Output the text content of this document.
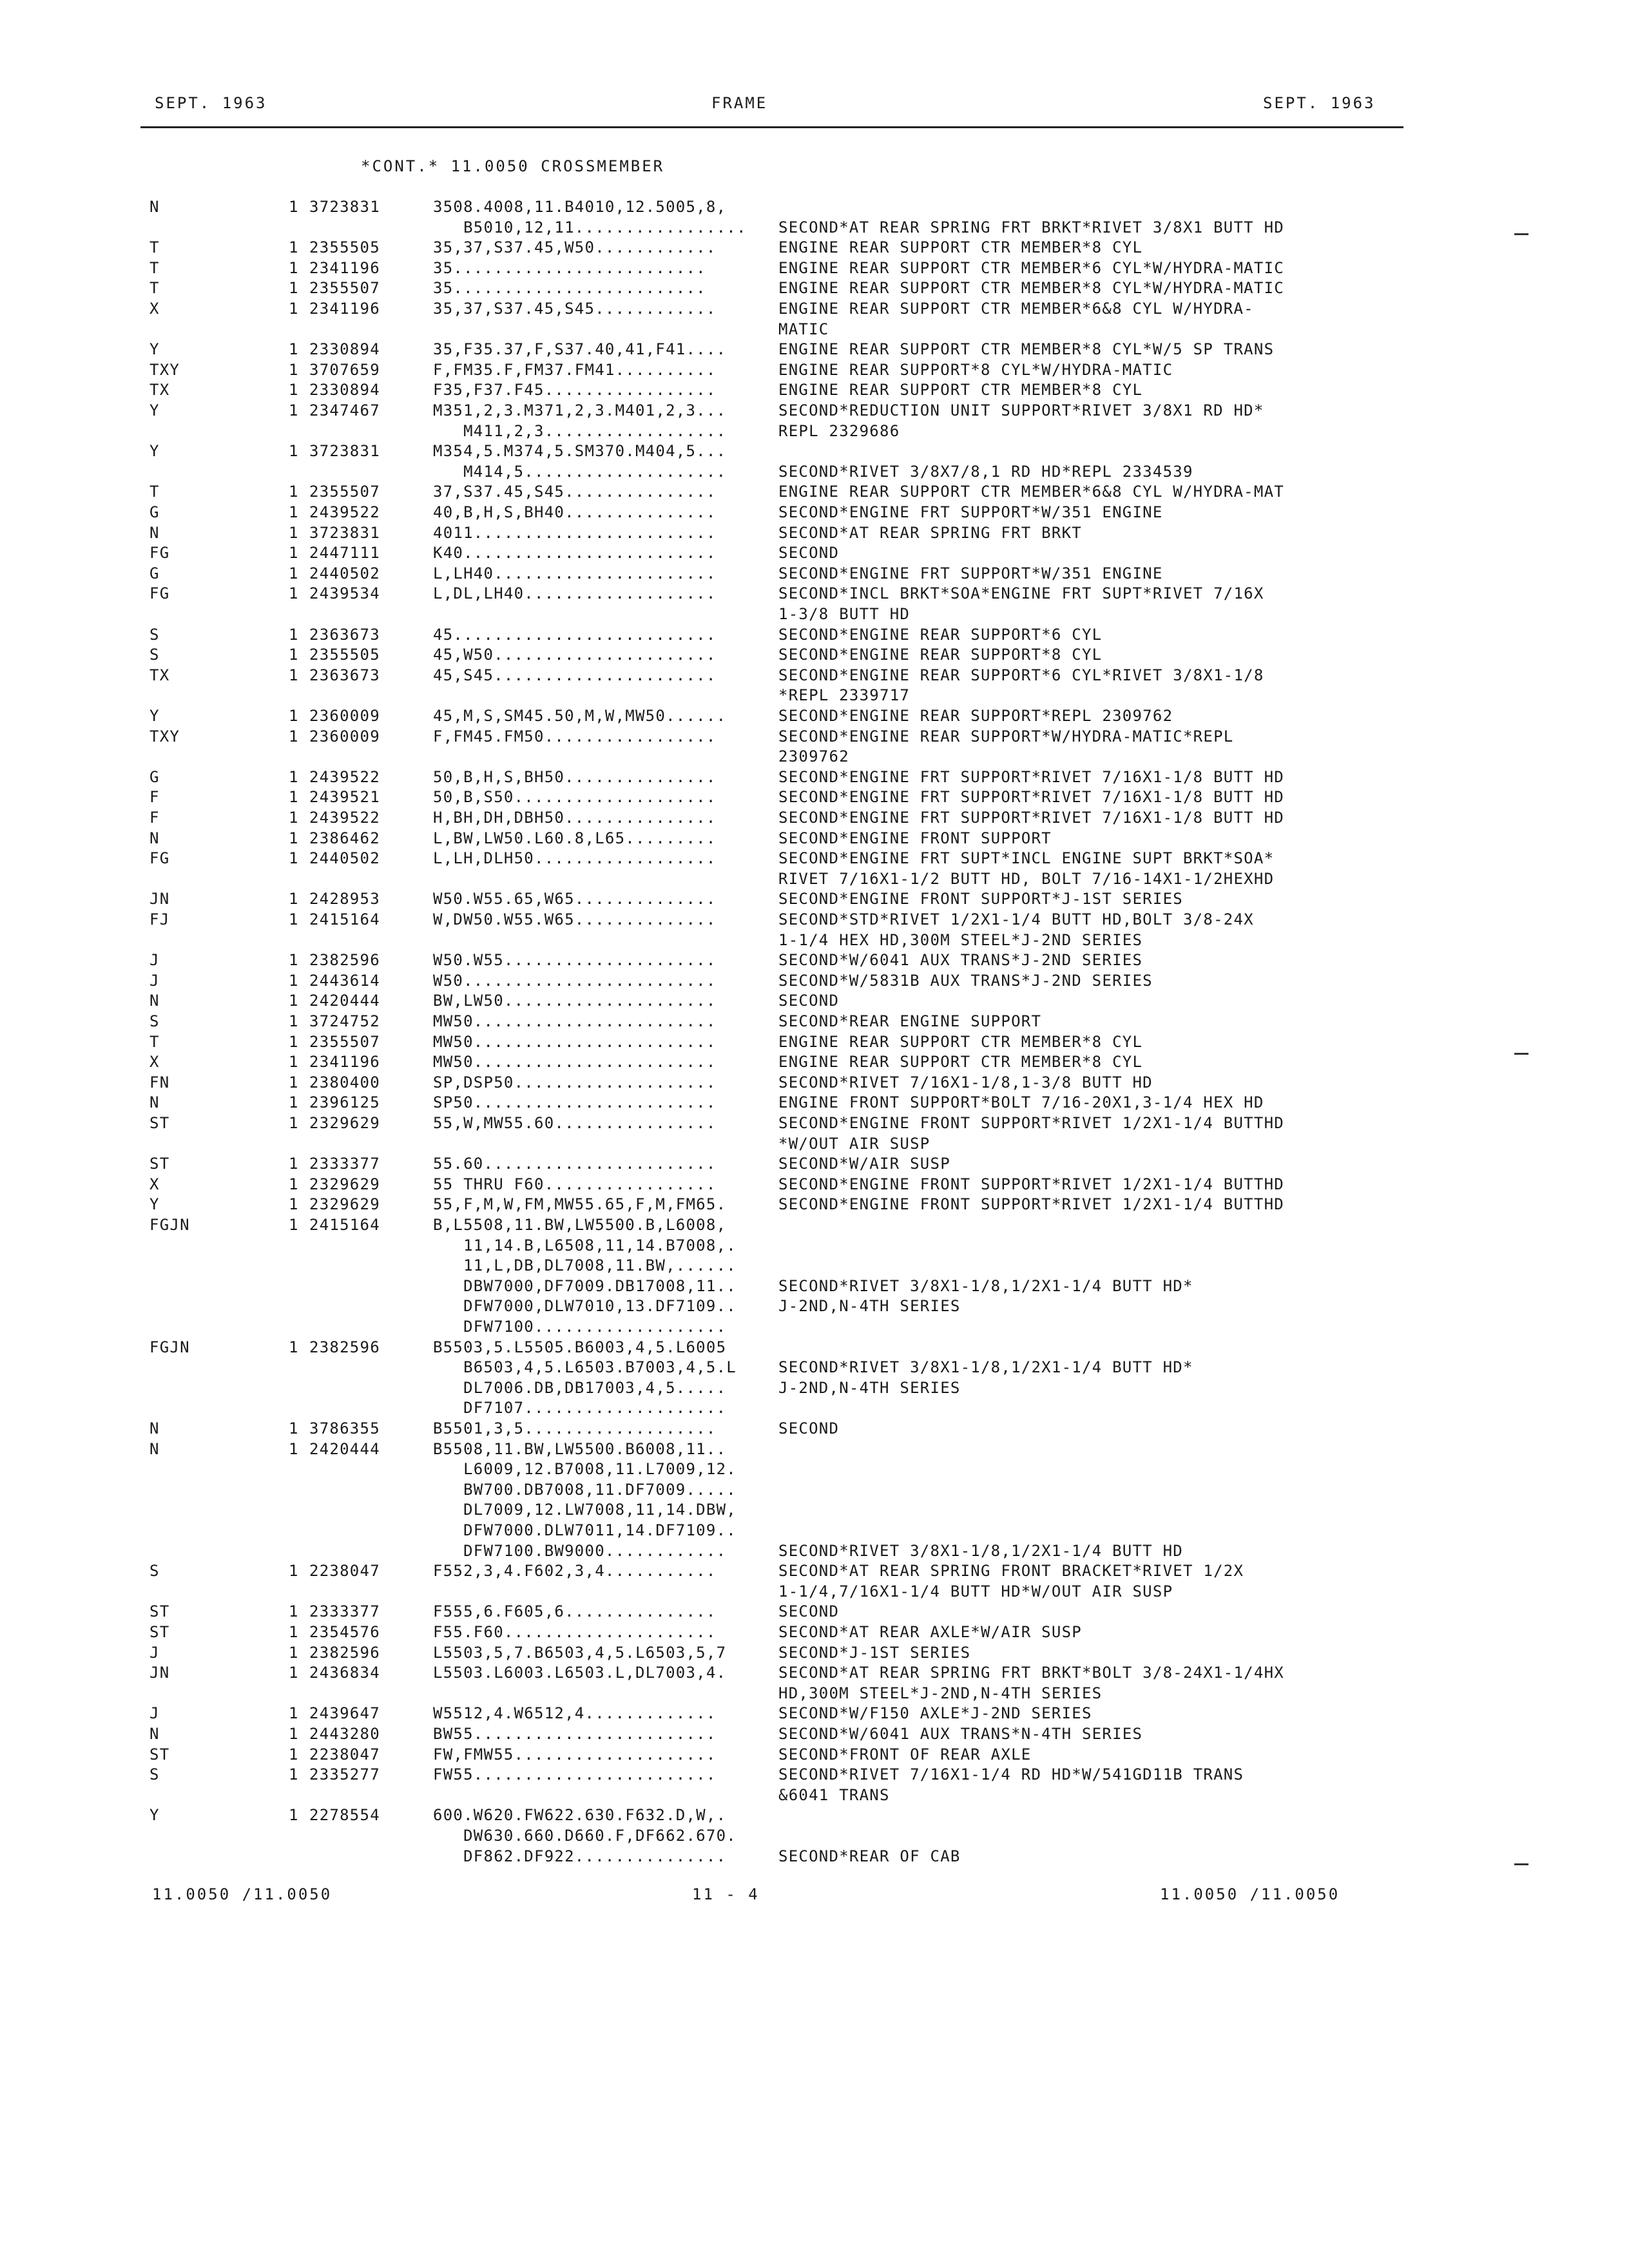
SEPT. 1963	FRAME	SEPT. 1963
*CONT.* 11.0050 CROSSMEMBER
N	1 3723831	3508.4008,11.B4010,12.5005,8,
B5010,12,11.................	SECOND*AT REAR SPRING FRT BRKT*RIVET 3/8X1 BUTT HD
T	1 2355505	35,37,S37.45,W50............	ENGINE REAR SUPPORT CTR MEMBER*8 CYL
T	1 2341196	35.........................	ENGINE REAR SUPPORT CTR MEMBER*6 CYL*W/HYDRA-MATIC
T	1 2355507	35.........................	ENGINE REAR SUPPORT CTR MEMBER*8 CYL*W/HYDRA-MATIC
X	1 2341196	35,37,S37.45,S45............	ENGINE REAR SUPPORT CTR MEMBER*6&8 CYL W/HYDRA-
MATIC
Y	1 2330894	35,F35.37,F,S37.40,41,F41....	ENGINE REAR SUPPORT CTR MEMBER*8 CYL*W/5 SP TRANS
TXY	1 3707659	F,FM35.F,FM37.FM41..........	ENGINE REAR SUPPORT*8 CYL*W/HYDRA-MATIC
TX	1 2330894	F35,F37.F45.................	ENGINE REAR SUPPORT CTR MEMBER*8 CYL
Y	1 2347467	M351,2,3.M371,2,3.M401,2,3...	SECOND*REDUCTION UNIT SUPPORT*RIVET 3/8X1 RD HD*
M411,2,3..................	REPL 2329686
Y	1 3723831	M354,5.M374,5.SM370.M404,5...
M414,5....................	SECOND*RIVET 3/8X7/8,1 RD HD*REPL 2334539
T	1 2355507	37,S37.45,S45...............	ENGINE REAR SUPPORT CTR MEMBER*6&8 CYL W/HYDRA-MAT
G	1 2439522	40,B,H,S,BH40...............	SECOND*ENGINE FRT SUPPORT*W/351 ENGINE
N	1 3723831	4011........................	SECOND*AT REAR SPRING FRT BRKT
FG	1 2447111	K40.........................	SECOND
G	1 2440502	L,LH40......................	SECOND*ENGINE FRT SUPPORT*W/351 ENGINE
FG	1 2439534	L,DL,LH40...................	SECOND*INCL BRKT*SOA*ENGINE FRT SUPT*RIVET 7/16X
1-3/8 BUTT HD
S	1 2363673	45..........................	SECOND*ENGINE REAR SUPPORT*6 CYL
S	1 2355505	45,W50......................	SECOND*ENGINE REAR SUPPORT*8 CYL
TX	1 2363673	45,S45......................	SECOND*ENGINE REAR SUPPORT*6 CYL*RIVET 3/8X1-1/8
*REPL 2339717
Y	1 2360009	45,M,S,SM45.50,M,W,MW50......	SECOND*ENGINE REAR SUPPORT*REPL 2309762
TXY	1 2360009	F,FM45.FM50.................	SECOND*ENGINE REAR SUPPORT*W/HYDRA-MATIC*REPL
2309762
G	1 2439522	50,B,H,S,BH50...............	SECOND*ENGINE FRT SUPPORT*RIVET 7/16X1-1/8 BUTT HD
F	1 2439521	50,B,S50....................	SECOND*ENGINE FRT SUPPORT*RIVET 7/16X1-1/8 BUTT HD
F	1 2439522	H,BH,DH,DBH50...............	SECOND*ENGINE FRT SUPPORT*RIVET 7/16X1-1/8 BUTT HD
N	1 2386462	L,BW,LW50.L60.8,L65.........	SECOND*ENGINE FRONT SUPPORT
FG	1 2440502	L,LH,DLH50..................	SECOND*ENGINE FRT SUPT*INCL ENGINE SUPT BRKT*SOA*
RIVET 7/16X1-1/2 BUTT HD, BOLT 7/16-14X1-1/2HEXHD
JN	1 2428953	W50.W55.65,W65..............	SECOND*ENGINE FRONT SUPPORT*J-1ST SERIES
FJ	1 2415164	W,DW50.W55.W65..............	SECOND*STD*RIVET 1/2X1-1/4 BUTT HD,BOLT 3/8-24X
1-1/4 HEX HD,300M STEEL*J-2ND SERIES
J	1 2382596	W50.W55.....................	SECOND*W/6041 AUX TRANS*J-2ND SERIES
J	1 2443614	W50.........................	SECOND*W/5831B AUX TRANS*J-2ND SERIES
N	1 2420444	BW,LW50.....................	SECOND
S	1 3724752	MW50........................	SECOND*REAR ENGINE SUPPORT
T	1 2355507	MW50........................	ENGINE REAR SUPPORT CTR MEMBER*8 CYL
X	1 2341196	MW50........................	ENGINE REAR SUPPORT CTR MEMBER*8 CYL
FN	1 2380400	SP,DSP50....................	SECOND*RIVET 7/16X1-1/8,1-3/8 BUTT HD
N	1 2396125	SP50........................	ENGINE FRONT SUPPORT*BOLT 7/16-20X1,3-1/4 HEX HD
ST	1 2329629	55,W,MW55.60................	SECOND*ENGINE FRONT SUPPORT*RIVET 1/2X1-1/4 BUTTHD
*W/OUT AIR SUSP
ST	1 2333377	55.60.......................	SECOND*W/AIR SUSP
X	1 2329629	55 THRU F60.................	SECOND*ENGINE FRONT SUPPORT*RIVET 1/2X1-1/4 BUTTHD
Y	1 2329629	55,F,M,W,FM,MW55.65,F,M,FM65.	SECOND*ENGINE FRONT SUPPORT*RIVET 1/2X1-1/4 BUTTHD
FGJN	1 2415164	B,L5508,11.BW,LW5500.B,L6008,
11,14.B,L6508,11,14.B7008,.
11,L,DB,DL7008,11.BW,......
DBW7000,DF7009.DB17008,11..	SECOND*RIVET 3/8X1-1/8,1/2X1-1/4 BUTT HD*
DFW7000,DLW7010,13.DF7109..	J-2ND,N-4TH SERIES
DFW7100...................
FGJN	1 2382596	B5503,5.L5505.B6003,4,5.L6005
B6503,4,5.L6503.B7003,4,5.L	SECOND*RIVET 3/8X1-1/8,1/2X1-1/4 BUTT HD*
DL7006.DB,DB17003,4,5.....	J-2ND,N-4TH SERIES
DF7107....................
N	1 3786355	B5501,3,5...................	SECOND
N	1 2420444	B5508,11.BW,LW5500.B6008,11..
L6009,12.B7008,11.L7009,12.
BW700.DB7008,11.DF7009.....
DL7009,12.LW7008,11,14.DBW,
DFW7000.DLW7011,14.DF7109..
DFW7100.BW9000............	SECOND*RIVET 3/8X1-1/8,1/2X1-1/4 BUTT HD
S	1 2238047	F552,3,4.F602,3,4...........	SECOND*AT REAR SPRING FRONT BRACKET*RIVET 1/2X
1-1/4,7/16X1-1/4 BUTT HD*W/OUT AIR SUSP
ST	1 2333377	F555,6.F605,6...............	SECOND
ST	1 2354576	F55.F60.....................	SECOND*AT REAR AXLE*W/AIR SUSP
J	1 2382596	L5503,5,7.B6503,4,5.L6503,5,7	SECOND*J-1ST SERIES
JN	1 2436834	L5503.L6003.L6503.L,DL7003,4.	SECOND*AT REAR SPRING FRT BRKT*BOLT 3/8-24X1-1/4HX
HD,300M STEEL*J-2ND,N-4TH SERIES
J	1 2439647	W5512,4.W6512,4.............	SECOND*W/F150 AXLE*J-2ND SERIES
N	1 2443280	BW55........................	SECOND*W/6041 AUX TRANS*N-4TH SERIES
ST	1 2238047	FW,FMW55....................	SECOND*FRONT OF REAR AXLE
S	1 2335277	FW55........................	SECOND*RIVET 7/16X1-1/4 RD HD*W/541GD11B TRANS
&6041 TRANS
Y	1 2278554	600.W620.FW622.630.F632.D,W,.
DW630.660.D660.F,DF662.670.
DF862.DF922...............	SECOND*REAR OF CAB
11.0050 /11.0050	11 - 4	11.0050 /11.0050
